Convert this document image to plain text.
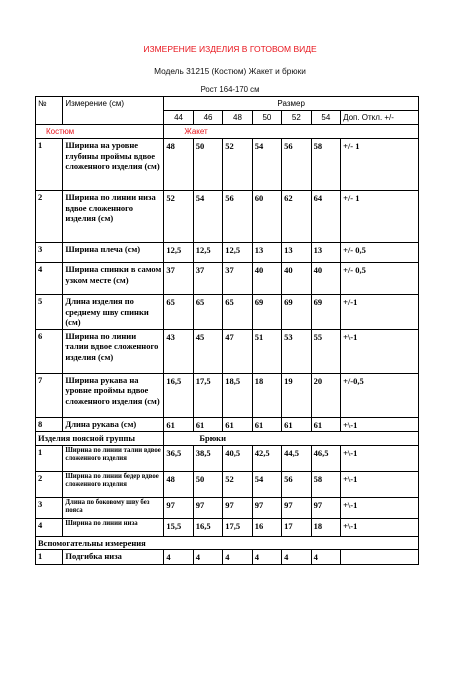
ИЗМЕРЕНИЕ ИЗДЕЛИЯ В ГОТОВОМ ВИДЕ
Модель 31215 (Костюм) Жакет и брюки
Рост 164-170 см
№	Измерение (см)	Размер						
		44	46	48	50	52	54	Доп. Откл. +/-
Костюм		Жакет						
1	Ширина на уровне глубины проймы вдвое сложенного изделия (см)	48	50	52	54	56	58	+/- 1
2	Ширина по линии низа вдвое сложенного изделия (см)	52	54	56	60	62	64	+/- 1
3	Ширина плеча (см)	12,5	12,5	12,5	13	13	13	+/- 0,5
4	Ширина спинки в самом узком месте (см)	37	37	37	40	40	40	+/- 0,5
5	Длина изделия по среднему шву спинки (см)	65	65	65	69	69	69	+/-1
6	Ширина по линии талии вдвое сложенного изделия (см)	43	45	47	51	53	55	+\-1
7	Ширина рукава на уровне проймы вдвое сложенного изделия (см)	16,5	17,5	18,5	18	19	20	+/-0,5
8	Длина рукава (см)	61	61	61	61	61	61	+\-1
Изделия поясной группы		Брюки						
1	Ширина по линии талии вдвое сложенного изделия	36,5	38,5	40,5	42,5	44,5	46,5	+\-1
2	Ширина по линии бедер вдвое сложенного изделия	48	50	52	54	56	58	+\-1
3	Длина по боковому шву без пояса	97	97	97	97	97	97	+\-1
4	Ширина по линии низа	15,5	16,5	17,5	16	17	18	+\-1
Вспомогательны измерения								
1	Подгибка низа	4	4	4	4	4	4	
